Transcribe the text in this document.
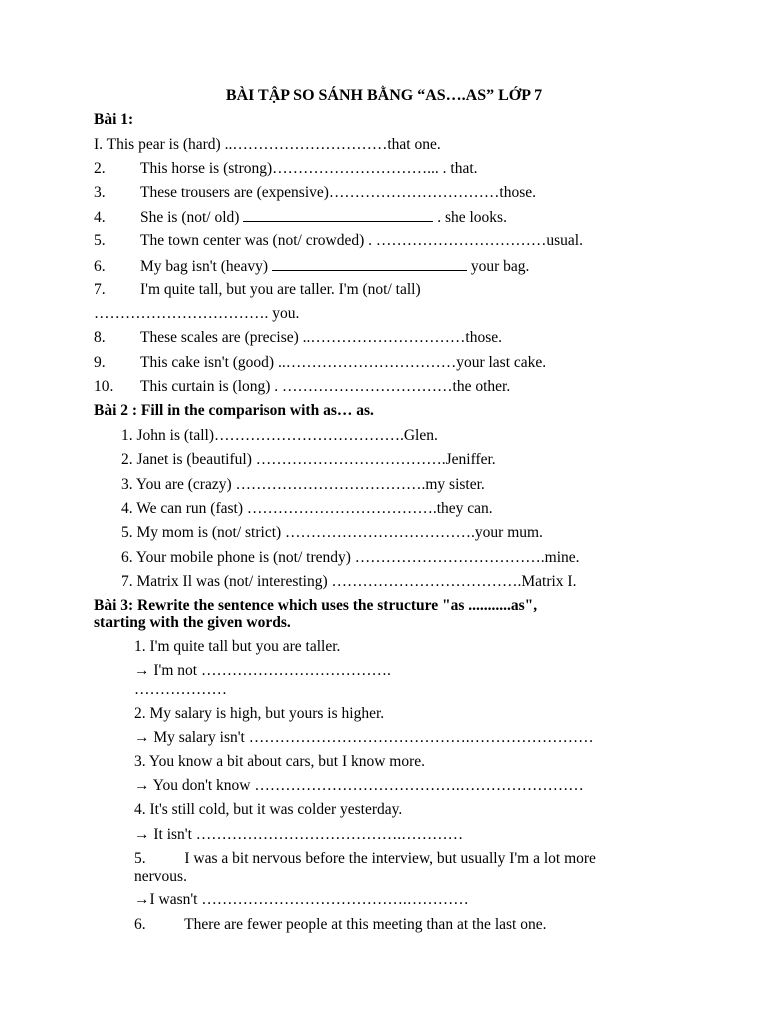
BÀI TẬP SO SÁNH BẰNG “AS….AS” LỚP 7
Bài 1:
I. This pear is (hard) ..…………………………that one.
2. This horse is (strong)…………………………... . that.
3. These trousers are (expensive)……………………………those.
4. She is (not/ old)	. she looks.
5. The town center was (not/ crowded) . ……………………………usual.
6. My bag isn't (heavy)	your bag.
7. I'm quite tall, but you are taller. I'm (not/ tall)
……………………………. you.
8. These scales are (precise) ..…………………………those.
9. This cake isn't (good) ..……………………………your last cake.
10. This curtain is (long) . ……………………………the other.
Bài 2 : Fill in the comparison with as… as.
1. John is (tall)……………………………….Glen.
2. Janet is (beautiful) ……………………………….Jeniffer.
3. You are (crazy) ……………………………….my sister.
4. We can run (fast) ……………………………….they can.
5. My mom is (not/ strict) ……………………………….your mum.
6. Your mobile phone is (not/ trendy) ……………………………….mine.
7. Matrix Il was (not/ interesting) ……………………………….Matrix I.
Bài 3: Rewrite the sentence which uses the structure "as ...........as",
starting with the given words.
1. I'm quite tall but you are taller.
→ I'm not ……………………………….
………………
2. My salary is high, but yours is higher.
→ My salary isn't …………………………………….……………………
3. You know a bit about cars, but I know more.
→ You don't know ………………………………….……………………
4. It's still cold, but it was colder yesterday.
→ It isn't ………………………………….…………
5.          I was a bit nervous before the interview, but usually I'm a lot more
nervous.
→I wasn't ………………………………….…………
6.          There are fewer people at this meeting than at the last one.
